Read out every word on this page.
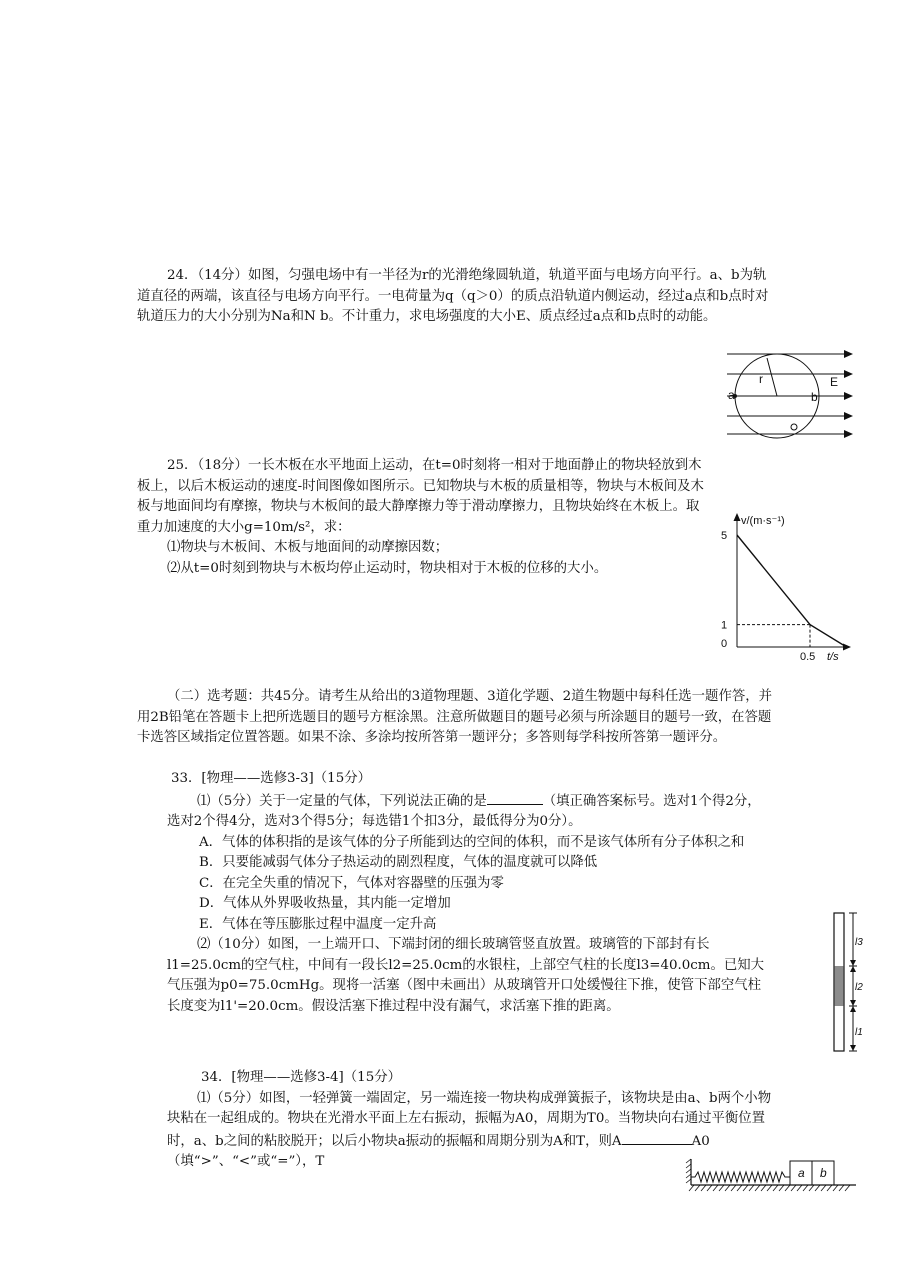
24．（14分）如图，匀强电场中有一半径为r的光滑绝缘圆轨道，轨道平面与电场方向平行。a、b为轨道直径的两端，该直径与电场方向平行。一电荷量为q（q＞0）的质点沿轨道内侧运动，经过a点和b点时对轨道压力的大小分别为Na和N b。不计重力，求电场强度的大小E、质点经过a点和b点时的动能。

r
a	b
E

25．（18分）一长木板在水平地面上运动，在t=0时刻将一相对于地面静止的物块轻放到木板上，以后木板运动的速度-时间图像如图所示。已知物块与木板的质量相等，物块与木板间及木板与地面间均有摩擦，物块与木板间的最大静摩擦力等于滑动摩擦力，且物块始终在木板上。取重力加速度的大小g=10m/s²，求：

⑴物块与木板间、木板与地面间的动摩擦因数；

⑵从t=0时刻到物块与木板均停止运动时，物块相对于木板的位移的大小。

5
1
0
0.5
v/(m·s⁻¹)
t/s

（二）选考题：共45分。请考生从给出的3道物理题、3道化学题、2道生物题中每科任选一题作答，并用2B铅笔在答题卡上把所选题目的题号方框涂黑。注意所做题目的题号必须与所涂题目的题号一致，在答题卡选答区域指定位置答题。如果不涂、多涂均按所答第一题评分；多答则每学科按所答第一题评分。

33．[物理——选修3-3]（15分）

⑴（5分）关于一定量的气体，下列说法正确的是	（填正确答案标号。选对1个得2分，选对2个得4分，选对3个得5分；每选错1个扣3分，最低得分为0分）。

A．气体的体积指的是该气体的分子所能到达的空间的体积，而不是该气体所有分子体积之和

B．只要能减弱气体分子热运动的剧烈程度，气体的温度就可以降低

C．在完全失重的情况下，气体对容器壁的压强为零

D．气体从外界吸收热量，其内能一定增加

E．气体在等压膨胀过程中温度一定升高

⑵（10分）如图，一上端开口、下端封闭的细长玻璃管竖直放置。玻璃管的下部封有长l1=25.0cm的空气柱，中间有一段长l2=25.0cm的水银柱，上部空气柱的长度l3=40.0cm。已知大气压强为p0=75.0cmHg。现将一活塞（图中未画出）从玻璃管开口处缓慢往下推，使管下部空气柱长度变为l1'=20.0cm。假设活塞下推过程中没有漏气，求活塞下推的距离。

l3
l2
l1

34．[物理——选修3-4]（15分）

⑴（5分）如图，一轻弹簧一端固定，另一端连接一物块构成弹簧振子，该物块是由a、b两个小物块粘在一起组成的。物块在光滑水平面上左右振动，振幅为A0，周期为T0。当物块向右通过平衡位置时，a、b之间的粘胶脱开；以后小物块a振动的振幅和周期分别为A和T，则A	A0（填“>”、“<”或“=”），T

a b
